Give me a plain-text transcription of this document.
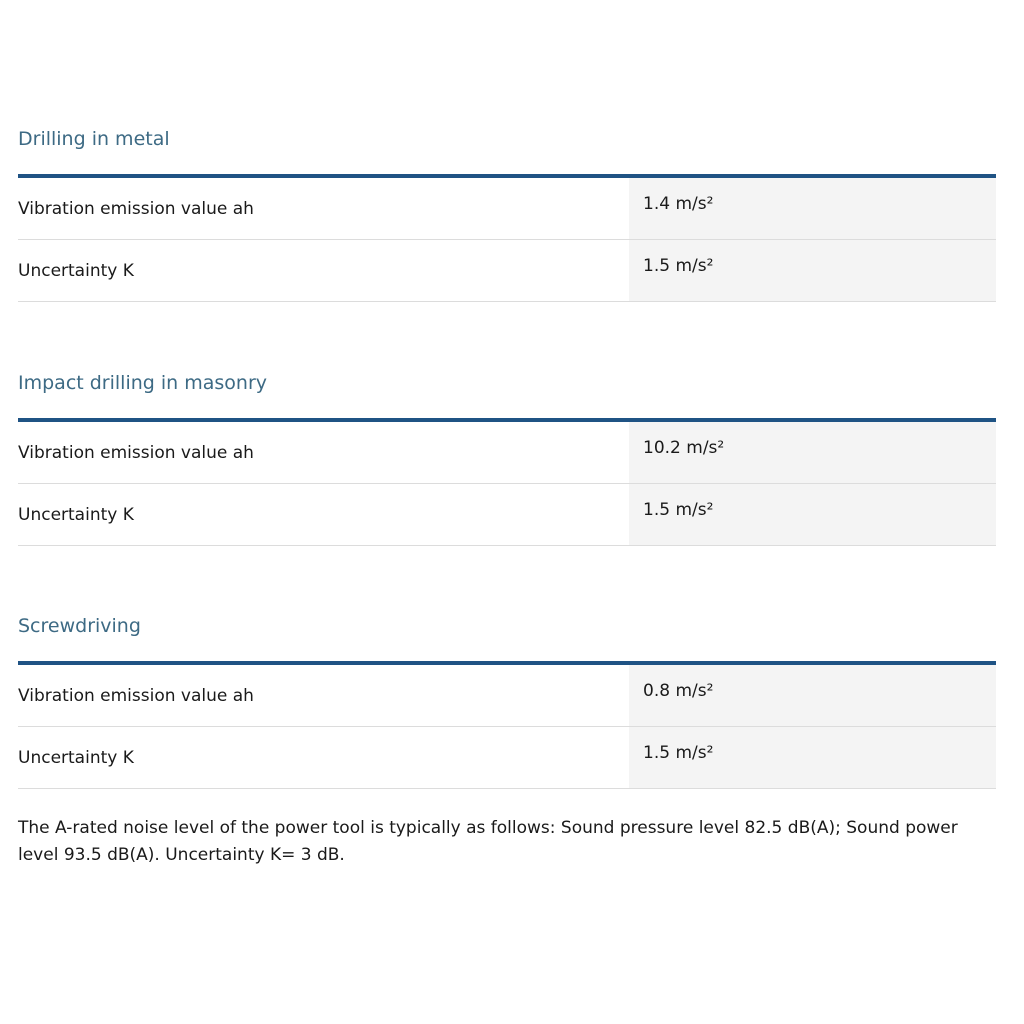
Drilling in metal
Vibration emission value ah	1.4 m/s²
Uncertainty K	1.5 m/s²
Impact drilling in masonry
Vibration emission value ah	10.2 m/s²
Uncertainty K	1.5 m/s²
Screwdriving
Vibration emission value ah	0.8 m/s²
Uncertainty K	1.5 m/s²

The A-rated noise level of the power tool is typically as follows: Sound pressure level 82.5 dB(A); Sound power level 93.5 dB(A). Uncertainty K= 3 dB.
